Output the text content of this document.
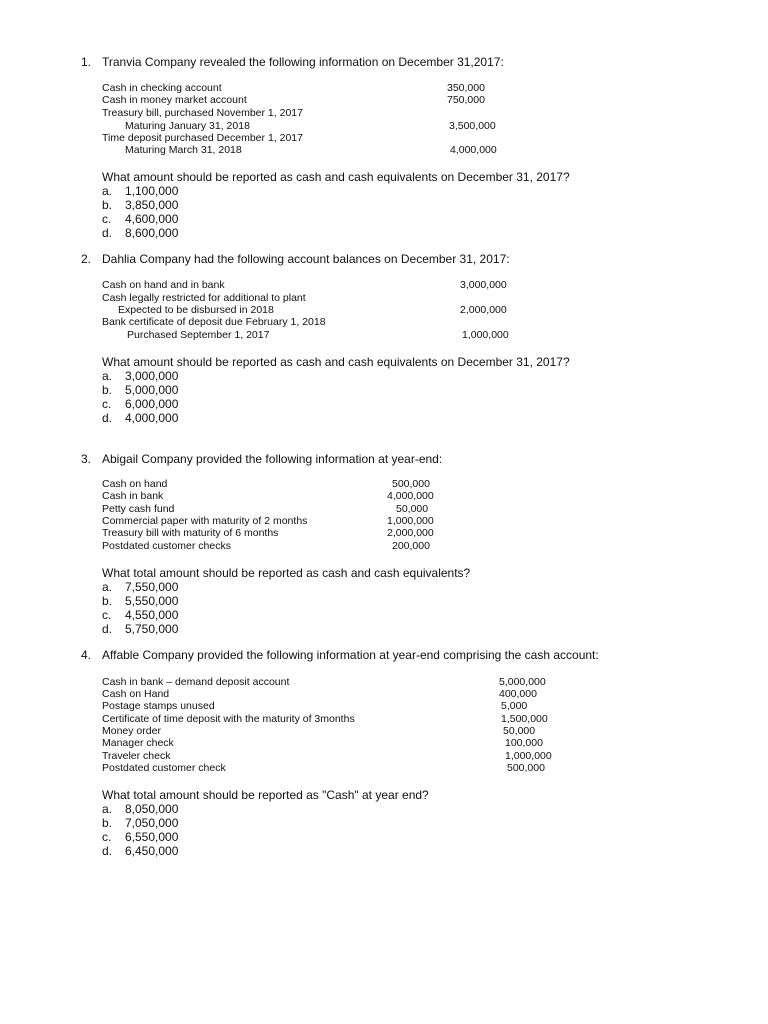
1. Tranvia Company revealed the following information on December 31,2017:
Cash in checking account	350,000
Cash in money market account	750,000
Treasury bill, purchased November 1, 2017
Maturing January 31, 2018	3,500,000
Time deposit purchased December 1, 2017
Maturing March 31, 2018	4,000,000
What amount should be reported as cash and cash equivalents on December 31, 2017?
a. 1,100,000
b. 3,850,000
c. 4,600,000
d. 8,600,000
2. Dahlia Company had the following account balances on December 31, 2017:
Cash on hand and in bank	3,000,000
Cash legally restricted for additional to plant
Expected to be disbursed in 2018	2,000,000
Bank certificate of deposit due February 1, 2018
Purchased September 1, 2017	1,000,000
What amount should be reported as cash and cash equivalents on December 31, 2017?
a. 3,000,000
b. 5,000,000
c. 6,000,000
d. 4,000,000
3. Abigail Company provided the following information at year-end:
Cash on hand	500,000
Cash in bank	4,000,000
Petty cash fund	50,000
Commercial paper with maturity of 2 months	1,000,000
Treasury bill with maturity of 6 months	2,000,000
Postdated customer checks	200,000
What total amount should be reported as cash and cash equivalents?
a. 7,550,000
b. 5,550,000
c. 4,550,000
d. 5,750,000
4. Affable Company provided the following information at year-end comprising the cash account:
Cash in bank – demand deposit account	5,000,000
Cash on Hand	400,000
Postage stamps unused	5,000
Certificate of time deposit with the maturity of 3months	1,500,000
Money order	50,000
Manager check	100,000
Traveler check	1,000,000
Postdated customer check	500,000
What total amount should be reported as "Cash" at year end?
a. 8,050,000
b. 7,050,000
c. 6,550,000
d. 6,450,000
